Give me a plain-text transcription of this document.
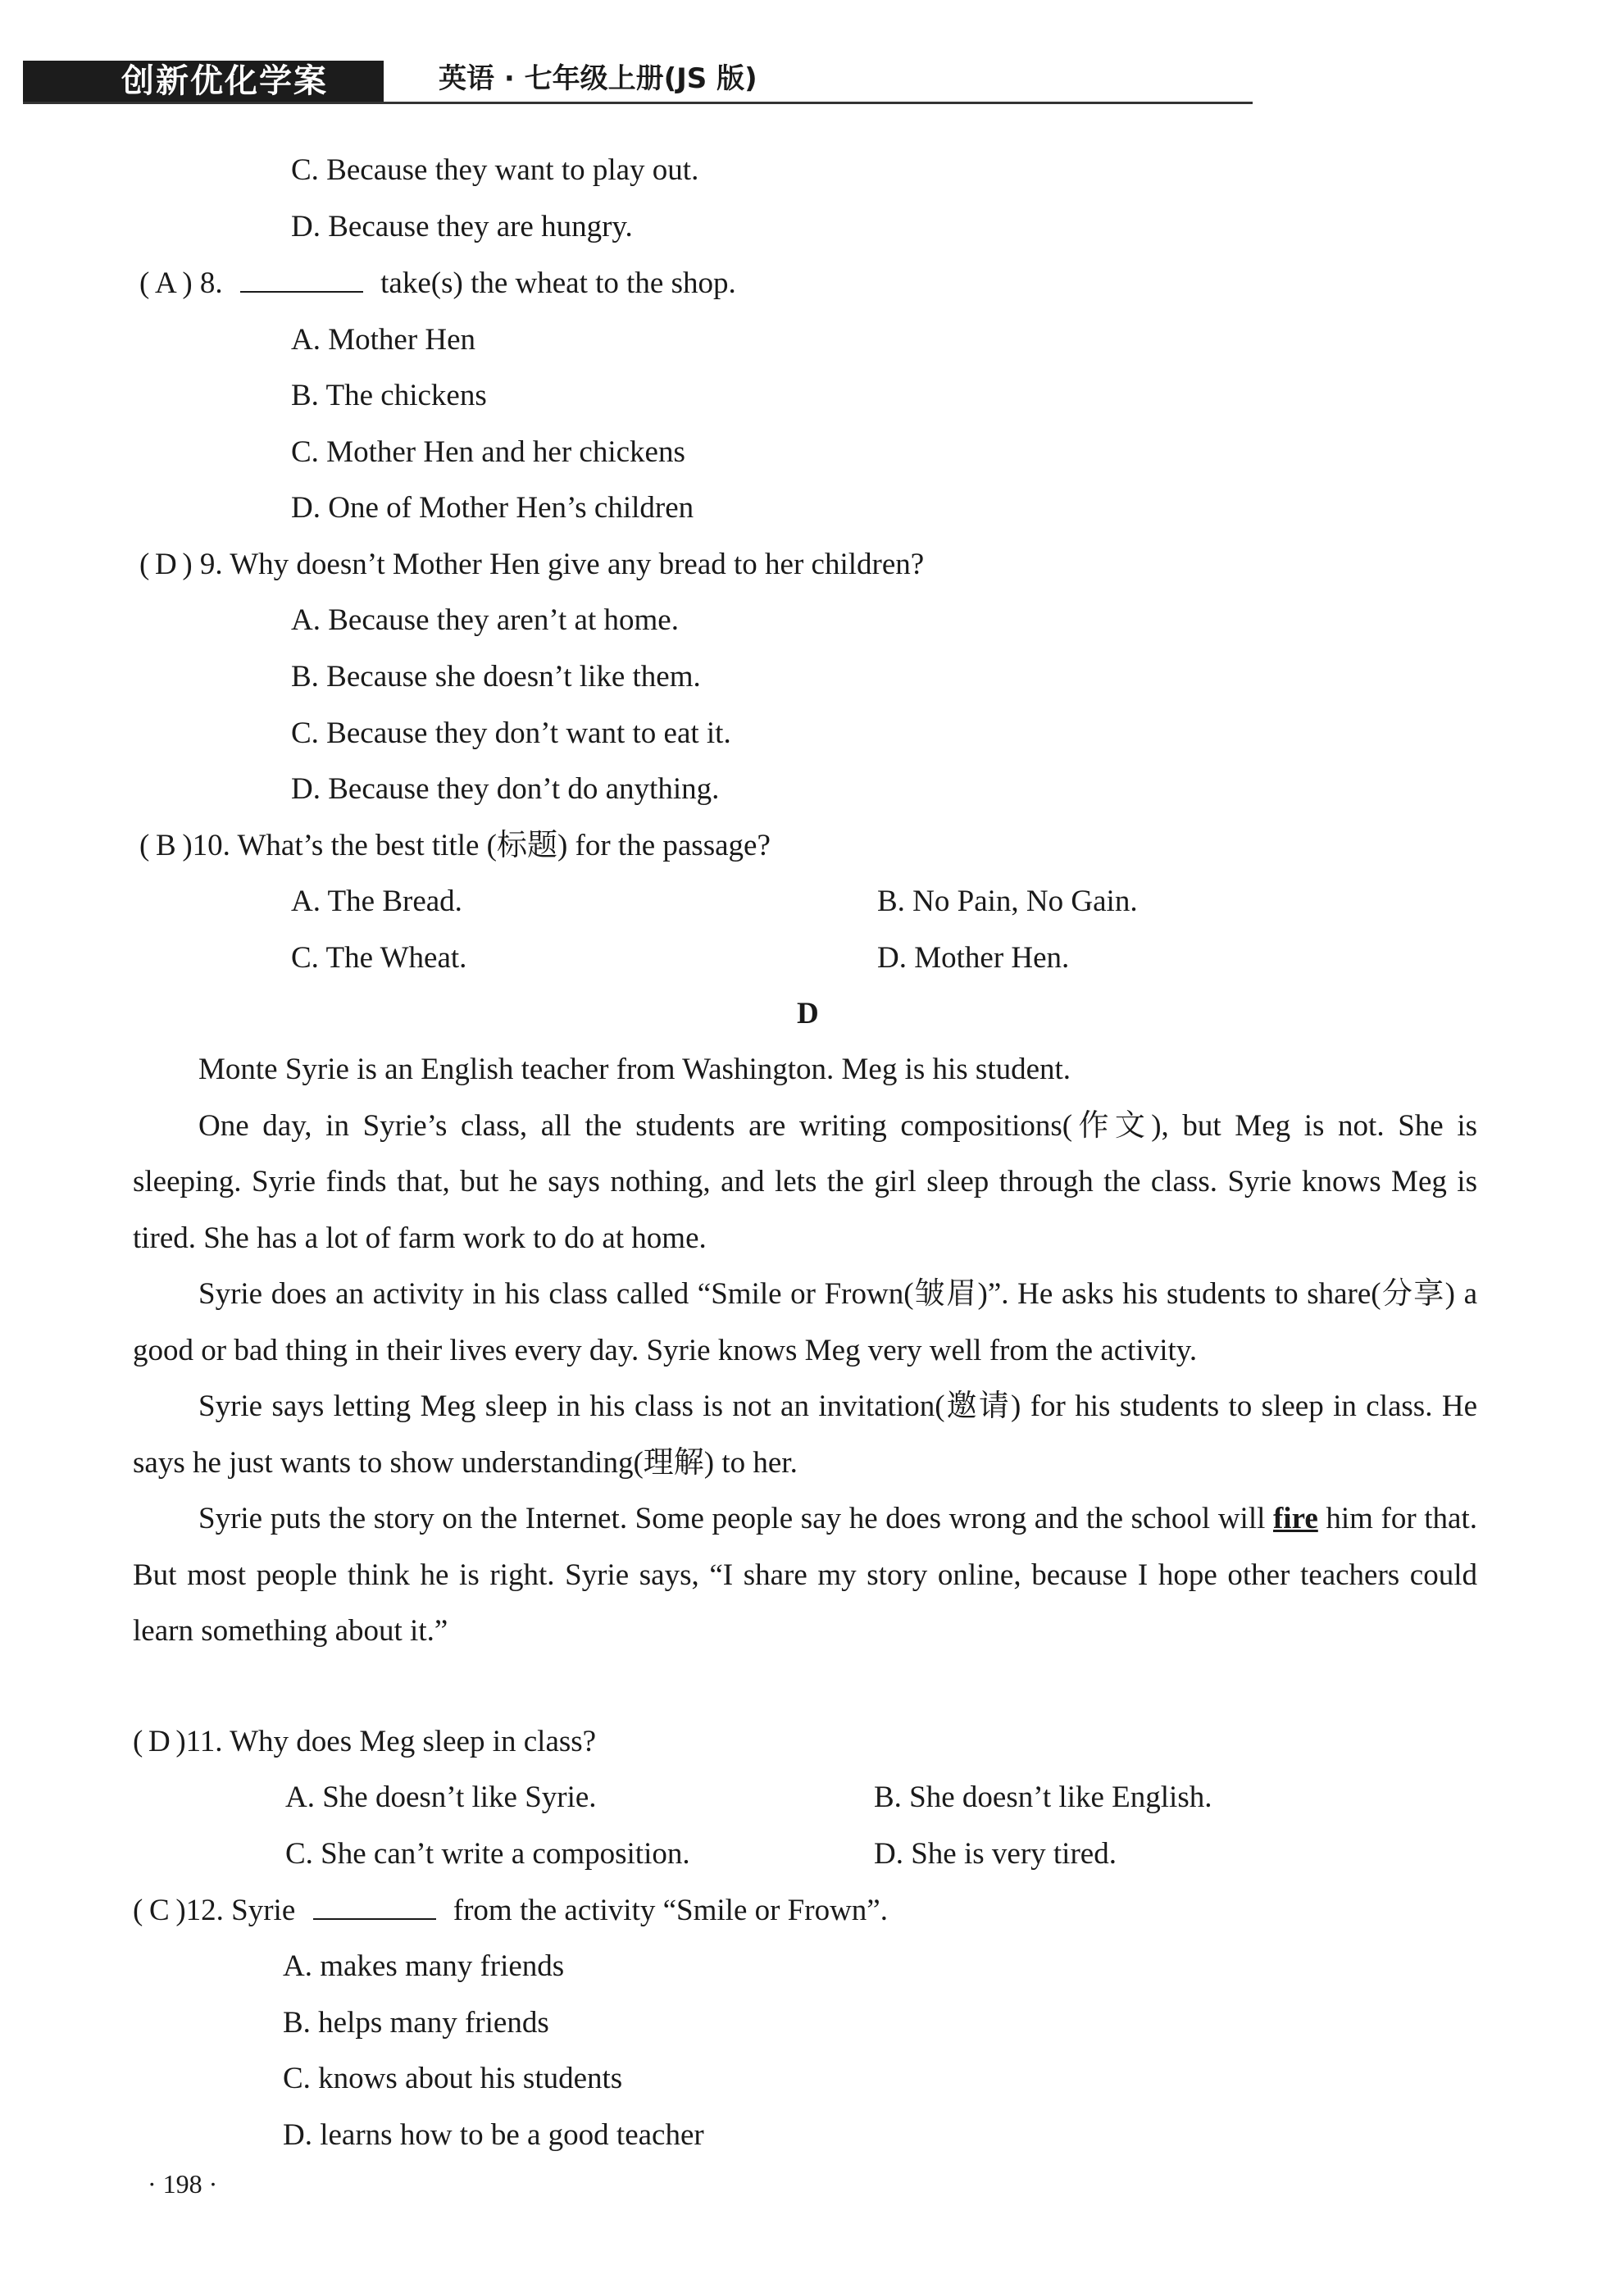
创新优化学案	英语 · 七年级上册(JS 版)
C. Because they want to play out.
D. Because they are hungry.
( A ) 8.	take(s) the wheat to the shop.
A. Mother Hen
B. The chickens
C. Mother Hen and her chickens
D. One of Mother Hen’s children
( D ) 9. Why doesn’t Mother Hen give any bread to her children?
A. Because they aren’t at home.
B. Because she doesn’t like them.
C. Because they don’t want to eat it.
D. Because they don’t do anything.
( B )10. What’s the best title (标题) for the passage?
A. The Bread.	B. No Pain, No Gain.
C. The Wheat.	D. Mother Hen.
D

Monte Syrie is an English teacher from Washington. Meg is his student.

One day, in Syrie’s class, all the students are writing compositions(作文), but Meg is not. She is sleeping. Syrie finds that, but he says nothing, and lets the girl sleep through the class. Syrie knows Meg is tired. She has a lot of farm work to do at home.

Syrie does an activity in his class called “Smile or Frown(皱眉)”. He asks his students to share(分享) a good or bad thing in their lives every day. Syrie knows Meg very well from the activity.

Syrie says letting Meg sleep in his class is not an invitation(邀请) for his students to sleep in class. He says he just wants to show understanding(理解) to her.

Syrie puts the story on the Internet. Some people say he does wrong and the school will fire him for that. But most people think he is right. Syrie says, “I share my story online, because I hope other teachers could learn something about it.”

( D )11. Why does Meg sleep in class?
A. She doesn’t like Syrie.	B. She doesn’t like English.
C. She can’t write a composition.	D. She is very tired.
( C )12. Syrie	from the activity “Smile or Frown”.
A. makes many friends
B. helps many friends
C. knows about his students
D. learns how to be a good teacher
· 198 ·
